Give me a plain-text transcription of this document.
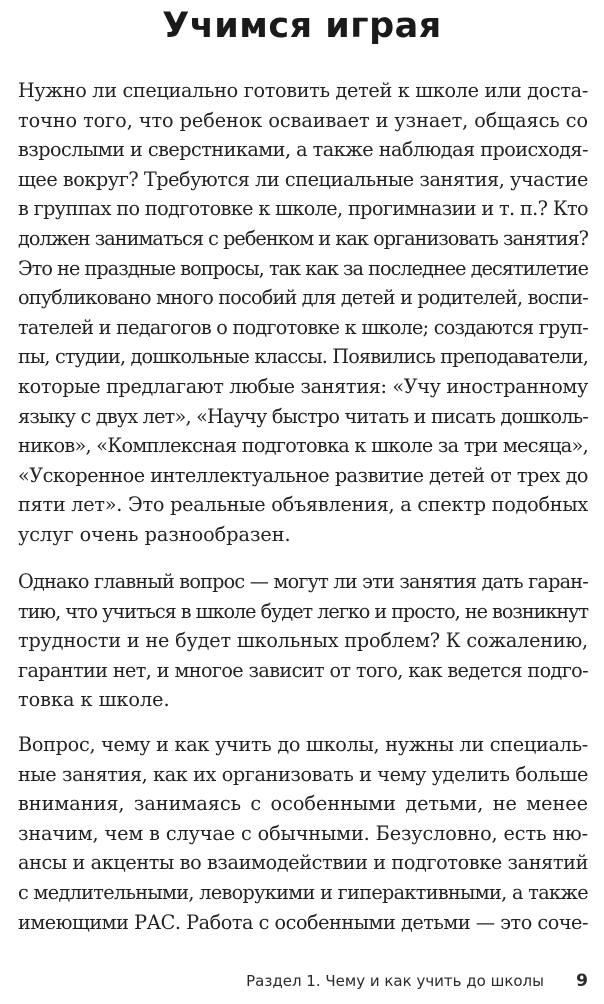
Учимся играя

Нужно ли специально готовить детей к школе или доста-
точно того, что ребенок осваивает и узнает, общаясь со
взрослыми и сверстниками, а также наблюдая происходя-
щее вокруг? Требуются ли специальные занятия, участие
в группах по подготовке к школе, прогимназии и т. п.? Кто
должен заниматься с ребенком и как организовать занятия?
Это не праздные вопросы, так как за последнее десятилетие
опубликовано много пособий для детей и родителей, воспи-
тателей и педагогов о подготовке к школе; создаются груп-
пы, студии, дошкольные классы. Появились преподаватели,
которые предлагают любые занятия: «Учу иностранному
языку с двух лет», «Научу быстро читать и писать дошколь-
ников», «Комплексная подготовка к школе за три месяца»,
«Ускоренное интеллектуальное развитие детей от трех до
пяти лет». Это реальные объявления, а спектр подобных
услуг очень разнообразен.

Однако главный вопрос — могут ли эти занятия дать гаран-
тию, что учиться в школе будет легко и просто, не возникнут
трудности и не будет школьных проблем? К сожалению,
гарантии нет, и многое зависит от того, как ведется подго-
товка к школе.

Вопрос, чему и как учить до школы, нужны ли специаль-
ные занятия, как их организовать и чему уделить больше
внимания, занимаясь с особенными детьми, не менее
значим, чем в случае с обычными. Безусловно, есть ню-
ансы и акценты во взаимодействии и подготовке занятий
с медлительными, леворукими и гиперактивными, а также
имеющими РАС. Работа с особенными детьми — это соче-

Раздел 1. Чему и как учить до школы 9
